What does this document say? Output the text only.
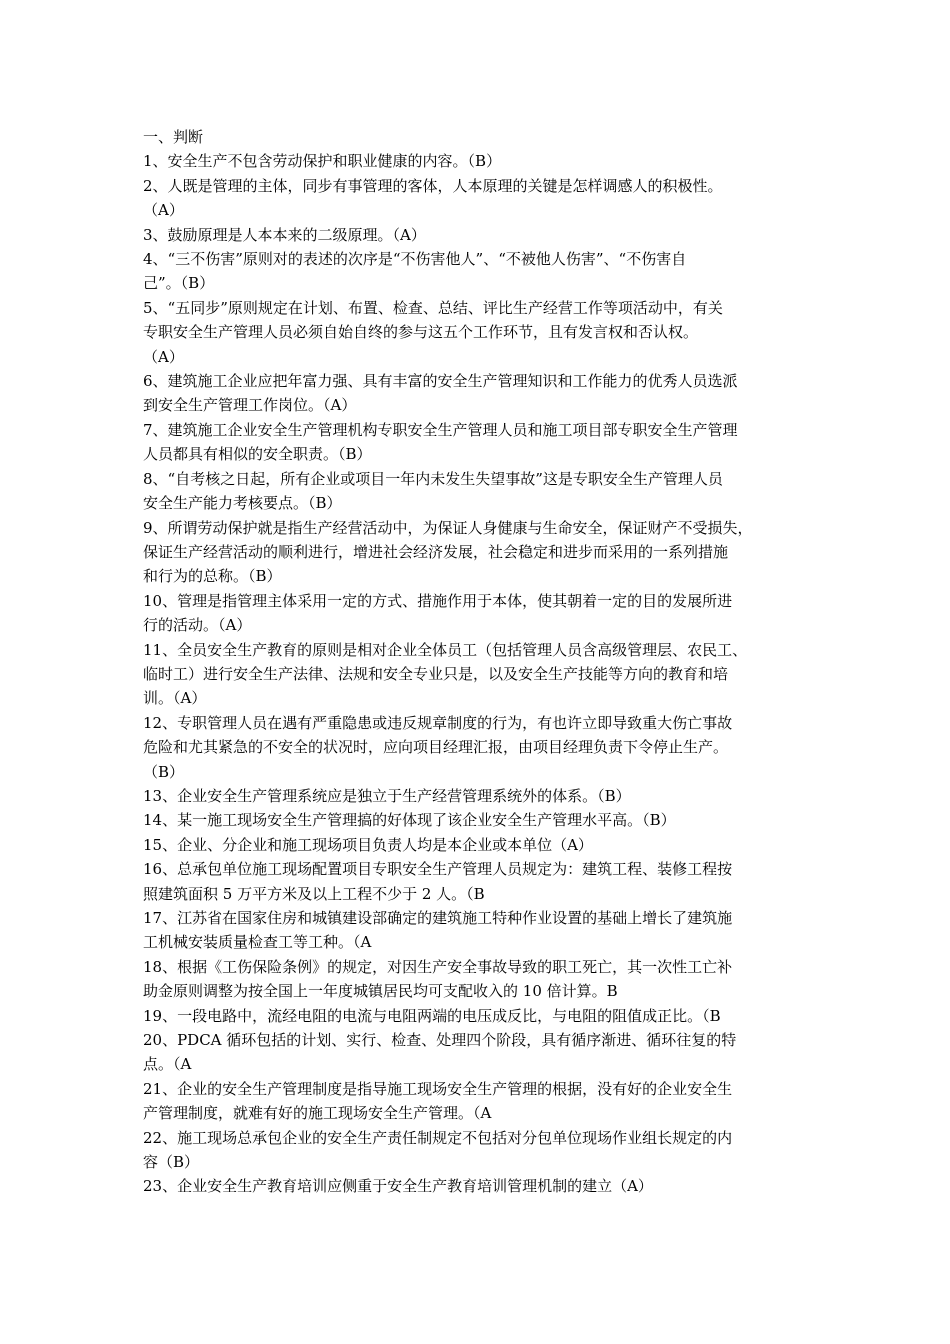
一、判断
1、安全生产不包含劳动保护和职业健康的内容。（B）
2、人既是管理的主体，同步有事管理的客体，人本原理的关键是怎样调感人的积极性。
（A）
3、鼓励原理是人本本来的二级原理。（A）
4、“三不伤害”原则对的表述的次序是“不伤害他人”、“不被他人伤害”、“不伤害自
己”。（B）
5、“五同步”原则规定在计划、布置、检查、总结、评比生产经营工作等项活动中，有关
专职安全生产管理人员必须自始自终的参与这五个工作环节，且有发言权和否认权。
（A）
6、建筑施工企业应把年富力强、具有丰富的安全生产管理知识和工作能力的优秀人员选派
到安全生产管理工作岗位。（A）
7、建筑施工企业安全生产管理机构专职安全生产管理人员和施工项目部专职安全生产管理
人员都具有相似的安全职责。（B）
8、“自考核之日起，所有企业或项目一年内未发生失望事故”这是专职安全生产管理人员
安全生产能力考核要点。（B）
9、所谓劳动保护就是指生产经营活动中，为保证人身健康与生命安全，保证财产不受损失，
保证生产经营活动的顺利进行，增进社会经济发展，社会稳定和进步而采用的一系列措施
和行为的总称。（B）
10、管理是指管理主体采用一定的方式、措施作用于本体，使其朝着一定的目的发展所进
行的活动。（A）
11、全员安全生产教育的原则是相对企业全体员工（包括管理人员含高级管理层、农民工、
临时工）进行安全生产法律、法规和安全专业只是，以及安全生产技能等方向的教育和培
训。（A）
12、专职管理人员在遇有严重隐患或违反规章制度的行为，有也许立即导致重大伤亡事故
危险和尤其紧急的不安全的状况时，应向项目经理汇报，由项目经理负责下令停止生产。
（B）
13、企业安全生产管理系统应是独立于生产经营管理系统外的体系。（B）
14、某一施工现场安全生产管理搞的好体现了该企业安全生产管理水平高。（B）
15、企业、分企业和施工现场项目负责人均是本企业或本单位（A）
16、总承包单位施工现场配置项目专职安全生产管理人员规定为：建筑工程、装修工程按
照建筑面积 5 万平方米及以上工程不少于 2 人。（B
17、江苏省在国家住房和城镇建设部确定的建筑施工特种作业设置的基础上增长了建筑施
工机械安装质量检查工等工种。（A
18、根据《工伤保险条例》的规定，对因生产安全事故导致的职工死亡，其一次性工亡补
助金原则调整为按全国上一年度城镇居民均可支配收入的 10 倍计算。B
19、一段电路中，流经电阻的电流与电阻两端的电压成反比，与电阻的阻值成正比。（B
20、PDCA 循环包括的计划、实行、检查、处理四个阶段，具有循序渐进、循环往复的特
点。（A
21、企业的安全生产管理制度是指导施工现场安全生产管理的根据，没有好的企业安全生
产管理制度，就难有好的施工现场安全生产管理。（A
22、施工现场总承包企业的安全生产责任制规定不包括对分包单位现场作业组长规定的内
容（B）
23、企业安全生产教育培训应侧重于安全生产教育培训管理机制的建立（A）
